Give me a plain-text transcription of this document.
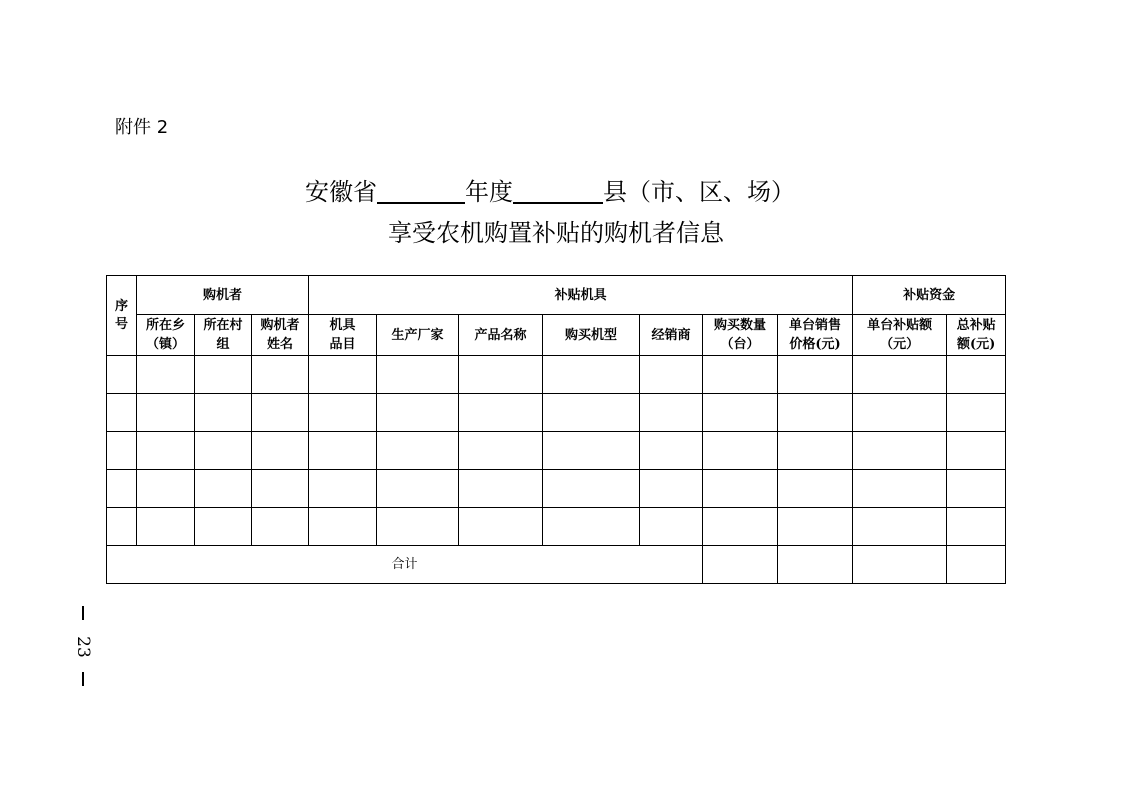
附件 2
安徽省	年度	县（市、区、场）
享受农机购置补贴的购机者信息
序号	购机者			补贴机具							补贴资金	

	所在乡（镇）	所在村组	购机者姓名	机具品目	生产厂家	产品名称	购买机型	经销商	购买数量（台）	单台销售价格(元)	单台补贴额（元）	总补贴额(元)

合计												
23
